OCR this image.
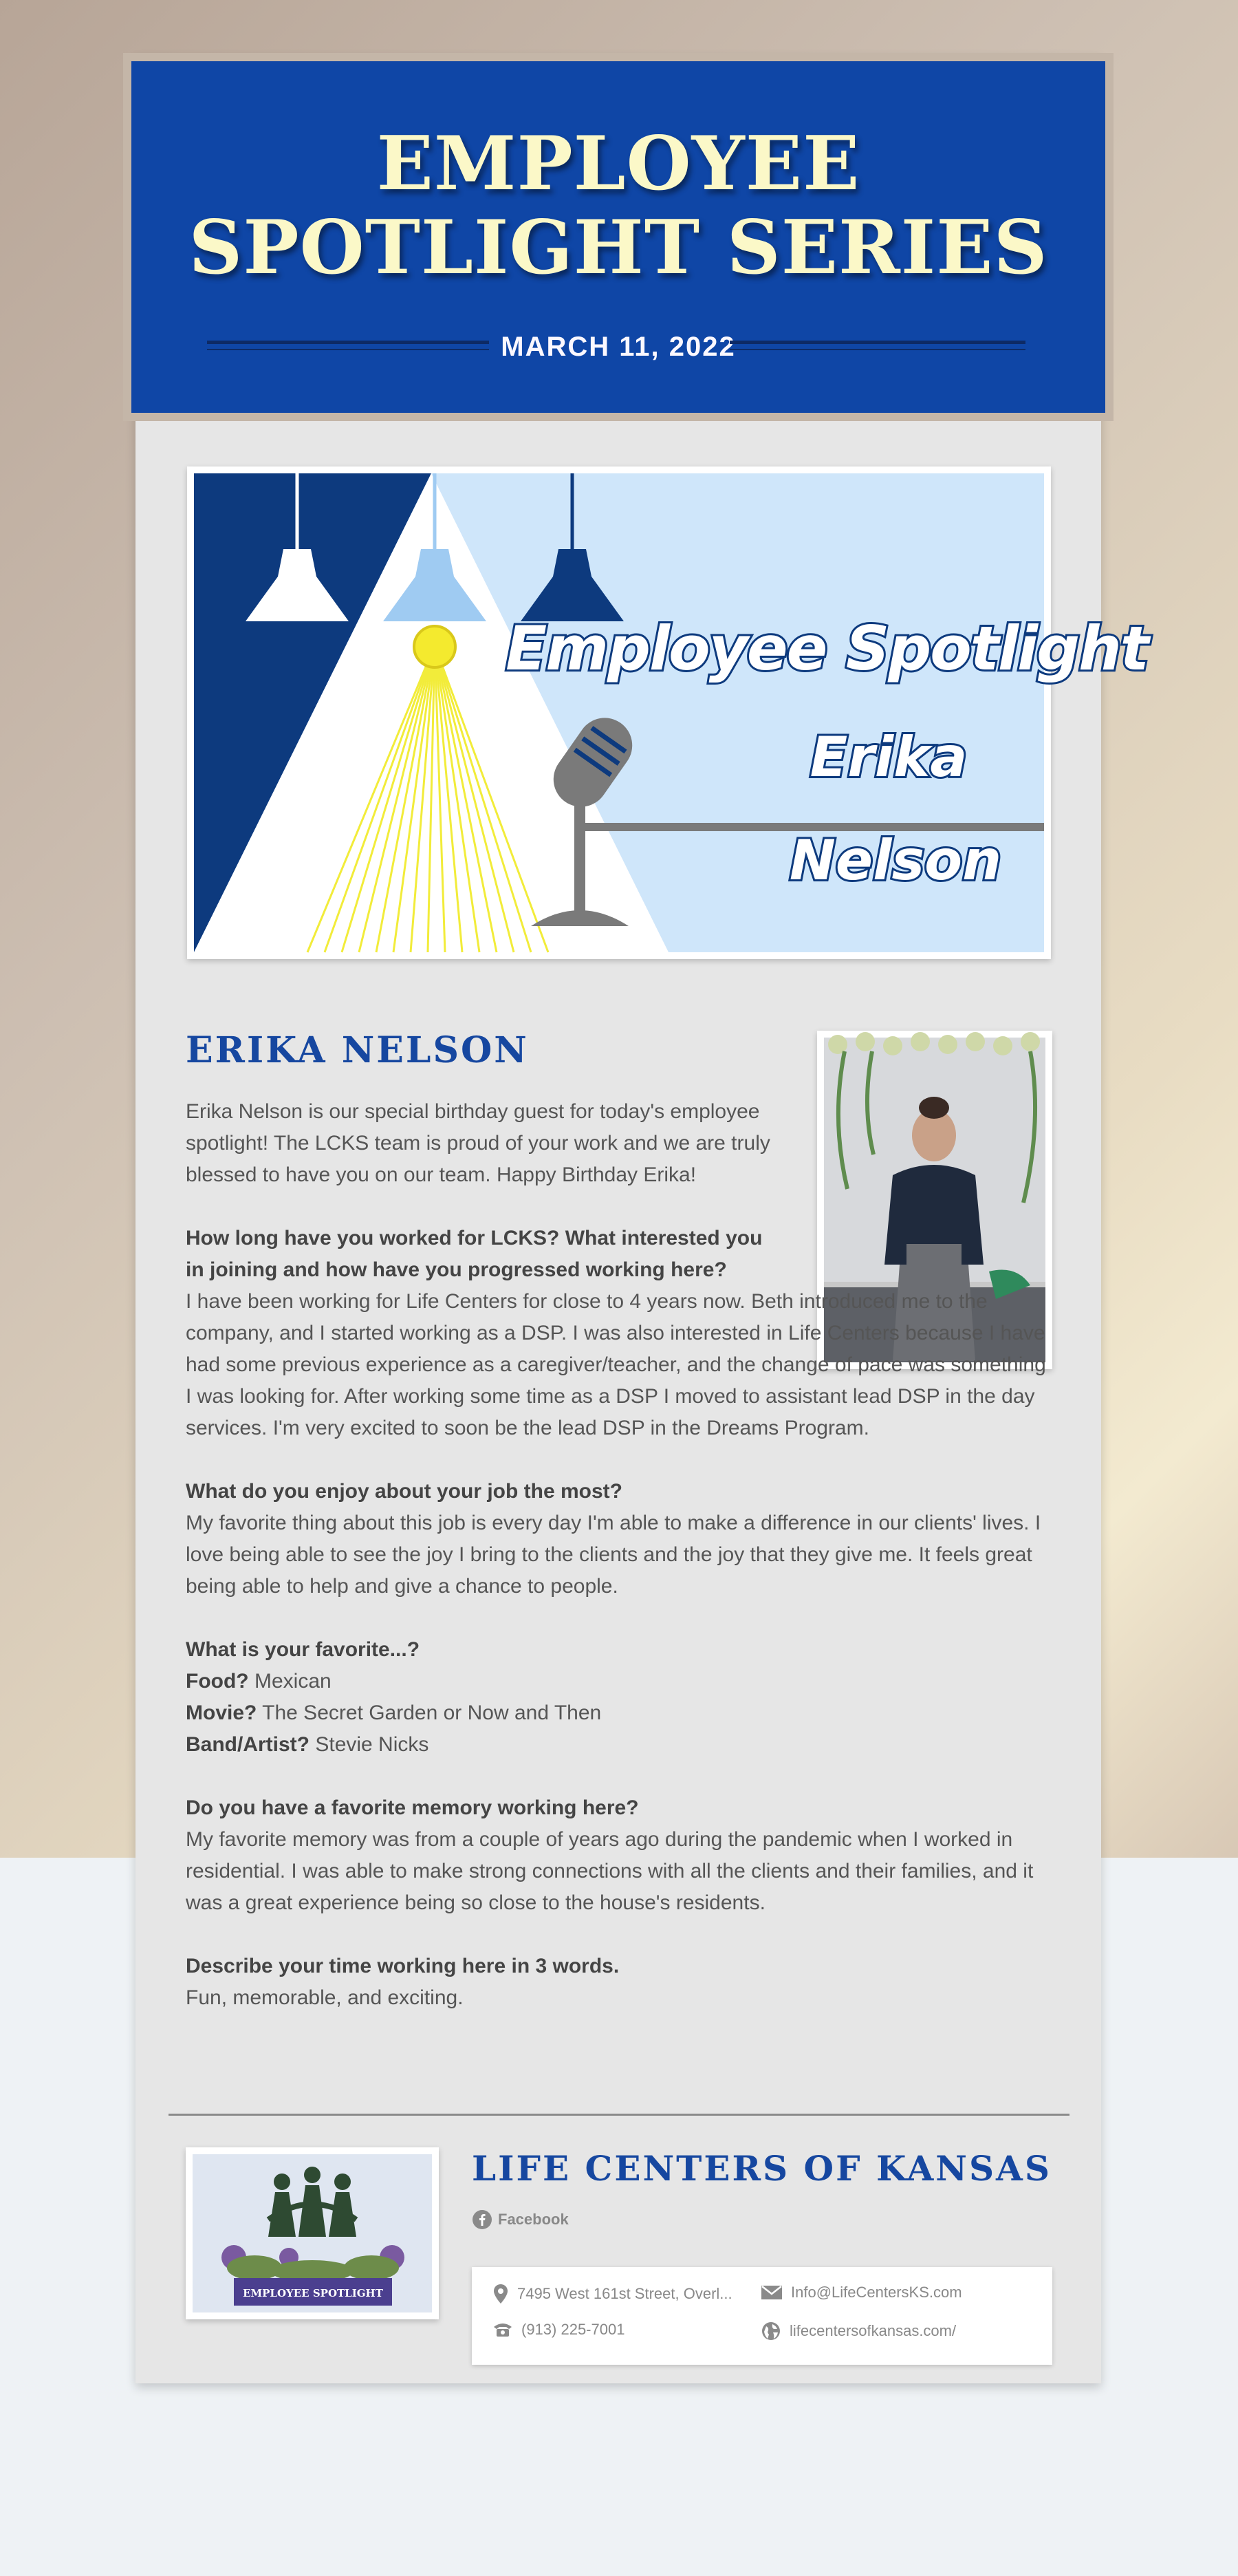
EMPLOYEE SPOTLIGHT SERIES
MARCH 11, 2022
Employee Spotlight
Erika
Nelson
ERIKA NELSON

Erika Nelson is our special birthday guest for today's employee spotlight! The LCKS team is proud of your work and we are truly blessed to have you on our team. Happy Birthday Erika!

How long have you worked for LCKS? What interested you in joining and how have you progressed working here?
I have been working for Life Centers for close to 4 years now. Beth introduced me to the company, and I started working as a DSP. I was also interested in Life Centers because I have had some previous experience as a caregiver/teacher, and the change of pace was something I was looking for. After working some time as a DSP I moved to assistant lead DSP in the day services. I'm very excited to soon be the lead DSP in the Dreams Program.
What do you enjoy about your job the most?
My favorite thing about this job is every day I'm able to make a difference in our clients' lives. I love being able to see the joy I bring to the clients and the joy that they give me. It feels great being able to help and give a chance to people.
What is your favorite...?
Food? Mexican
Movie? The Secret Garden or Now and Then
Band/Artist? Stevie Nicks
Do you have a favorite memory working here?
My favorite memory was from a couple of years ago during the pandemic when I worked in residential. I was able to make strong connections with all the clients and their families, and it was a great experience being so close to the house's residents.
Describe your time working here in 3 words.
Fun, memorable, and exciting.
EMPLOYEE SPOTLIGHT
LIFE CENTERS OF KANSAS
Facebook
7495 West 161st Street, Overl...	Info@LifeCentersKS.com
(913) 225-7001	lifecentersofkansas.com/
